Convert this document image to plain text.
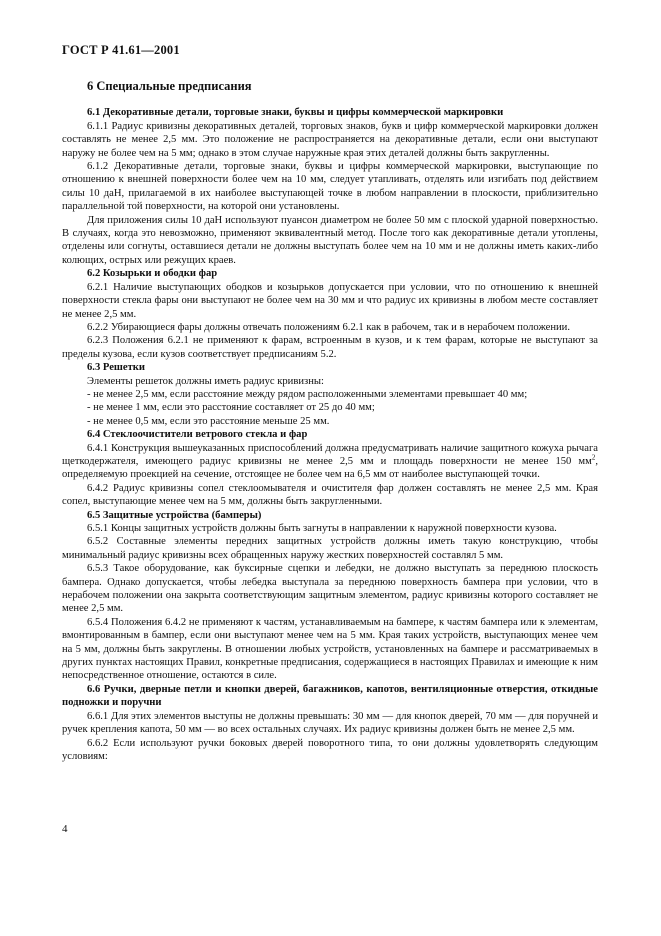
ГОСТ Р 41.61—2001

6 Специальные предписания

6.1 Декоративные детали, торговые знаки, буквы и цифры коммерческой маркировки

6.1.1 Радиус кривизны декоративных деталей, торговых знаков, букв и цифр коммерческой маркировки должен составлять не менее 2,5 мм. Это положение не распространяется на декоративные детали, если они выступают наружу не более чем на 5 мм; однако в этом случае наружные края этих деталей должны быть закругленны.

6.1.2 Декоративные детали, торговые знаки, буквы и цифры коммерческой маркировки, выступающие по отношению к внешней поверхности более чем на 10 мм, следует утапливать, отделять или изгибать под действием силы 10 даН, прилагаемой в их наиболее выступающей точке в любом направлении в плоскости, приблизительно параллельной той поверхности, на которой они установлены.

Для приложения силы 10 даН используют пуансон диаметром не более 50 мм с плоской ударной поверхностью. В случаях, когда это невозможно, применяют эквивалентный метод. После того как декоративные детали утоплены, отделены или согнуты, оставшиеся детали не должны выступать более чем на 10 мм и не должны иметь каких-либо колющих, острых или режущих краев.

6.2 Козырьки и ободки фар

6.2.1 Наличие выступающих ободков и козырьков допускается при условии, что по отношению к внешней поверхности стекла фары они выступают не более чем на 30 мм и что радиус их кривизны в любом месте составляет не менее 2,5 мм.

6.2.2 Убирающиеся фары должны отвечать положениям 6.2.1 как в рабочем, так и в нерабочем положении.

6.2.3 Положения 6.2.1 не применяют к фарам, встроенным в кузов, и к тем фарам, которые не выступают за пределы кузова, если кузов соответствует предписаниям 5.2.

6.3 Решетки

Элементы решеток должны иметь радиус кривизны:

- не менее 2,5 мм, если расстояние между рядом расположенными элементами превышает 40 мм;

- не менее 1 мм, если это расстояние составляет от 25 до 40 мм;

- не менее 0,5 мм, если это расстояние меньше 25 мм.

6.4 Стеклоочистители ветрового стекла и фар

6.4.1 Конструкция вышеуказанных приспособлений должна предусматривать наличие защитного кожуха рычага щеткодержателя, имеющего радиус кривизны не менее 2,5 мм и площадь поверхности не менее 150 $мм^2$, определяемую проекцией на сечение, отстоящее не более чем на 6,5 мм от наиболее выступающей точки.

6.4.2 Радиус кривизны сопел стеклоомывателя и очистителя фар должен составлять не менее 2,5 мм. Края сопел, выступающие менее чем на 5 мм, должны быть закругленными.

6.5 Защитные устройства (бамперы)

6.5.1 Концы защитных устройств должны быть загнуты в направлении к наружной поверхности кузова.

6.5.2 Составные элементы передних защитных устройств должны иметь такую конструкцию, чтобы минимальный радиус кривизны всех обращенных наружу жестких поверхностей составлял 5 мм.

6.5.3 Такое оборудование, как буксирные сцепки и лебедки, не должно выступать за переднюю плоскость бампера. Однако допускается, чтобы лебедка выступала за переднюю поверхность бампера при условии, что в нерабочем положении она закрыта соответствующим защитным элементом, радиус кривизны которого составляет не менее 2,5 мм.

6.5.4 Положения 6.4.2 не применяют к частям, устанавливаемым на бампере, к частям бампера или к элементам, вмонтированным в бампер, если они выступают менее чем на 5 мм. Края таких устройств, выступающих менее чем на 5 мм, должны быть закруглены. В отношении любых устройств, установленных на бампере и рассматриваемых в других пунктах настоящих Правил, конкретные предписания, содержащиеся в настоящих Правилах и имеющие к ним непосредственное отношение, остаются в силе.

6.6 Ручки, дверные петли и кнопки дверей, багажников, капотов, вентиляционные отверстия, откидные подножки и поручни

6.6.1 Для этих элементов выступы не должны превышать: 30 мм — для кнопок дверей, 70 мм — для поручней и ручек крепления капота, 50 мм — во всех остальных случаях. Их радиус кривизны должен быть не менее 2,5 мм.

6.6.2 Если используют ручки боковых дверей поворотного типа, то они должны удовлетворять следующим условиям:

4
